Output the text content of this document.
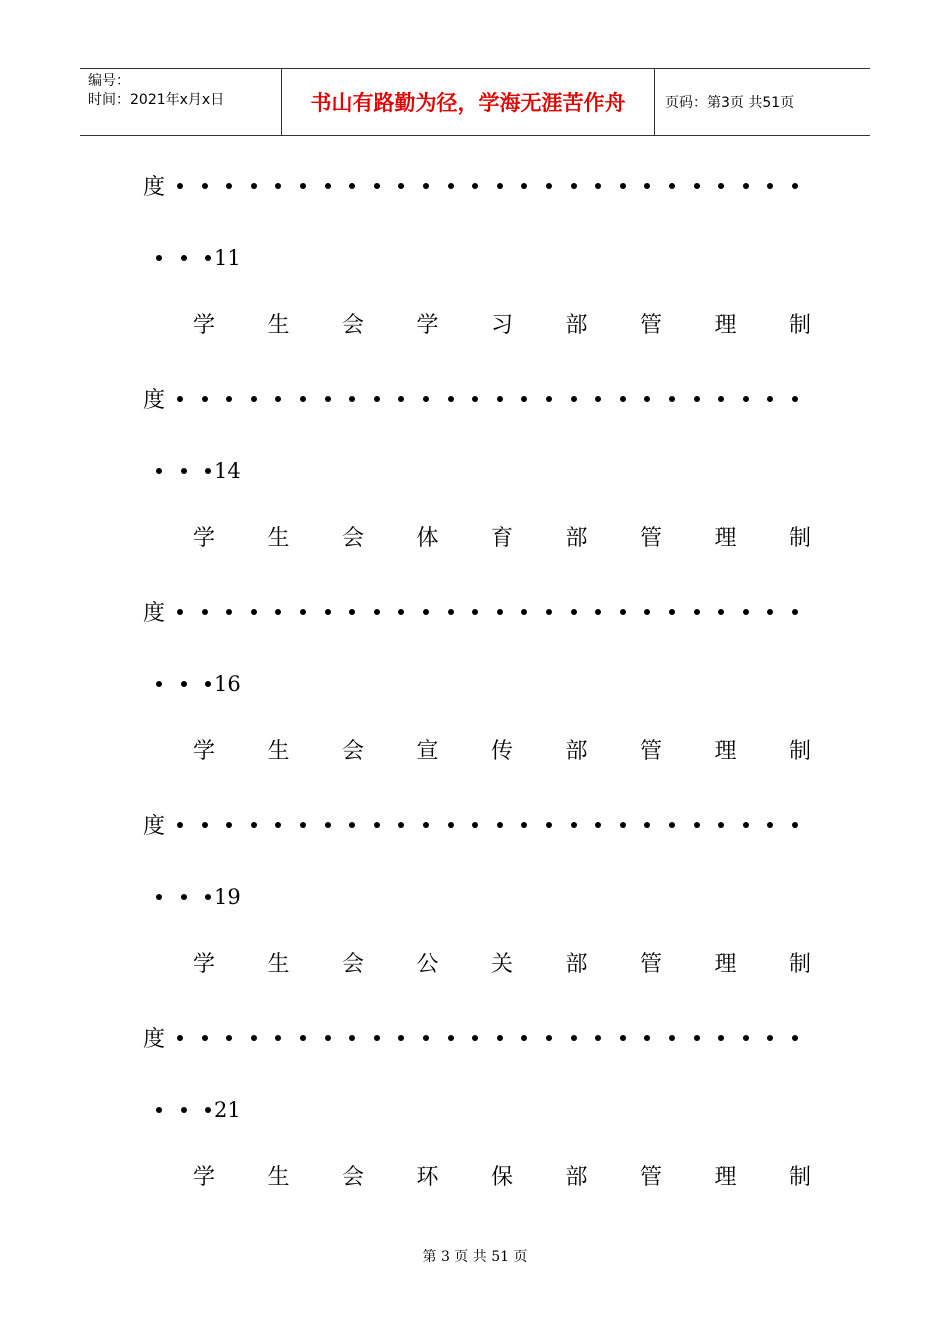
编号：
时间：2021年x月x日	书山有路勤为径，学海无涯苦作舟	页码：第3页 共51页
度
11
学 生 会 学 习 部 管 理 制
度
14
学 生 会 体 育 部 管 理 制
度
16
学 生 会 宣 传 部 管 理 制
度
19
学 生 会 公 关 部 管 理 制
度
21
学 生 会 环 保 部 管 理 制
第 3 页 共 51 页
